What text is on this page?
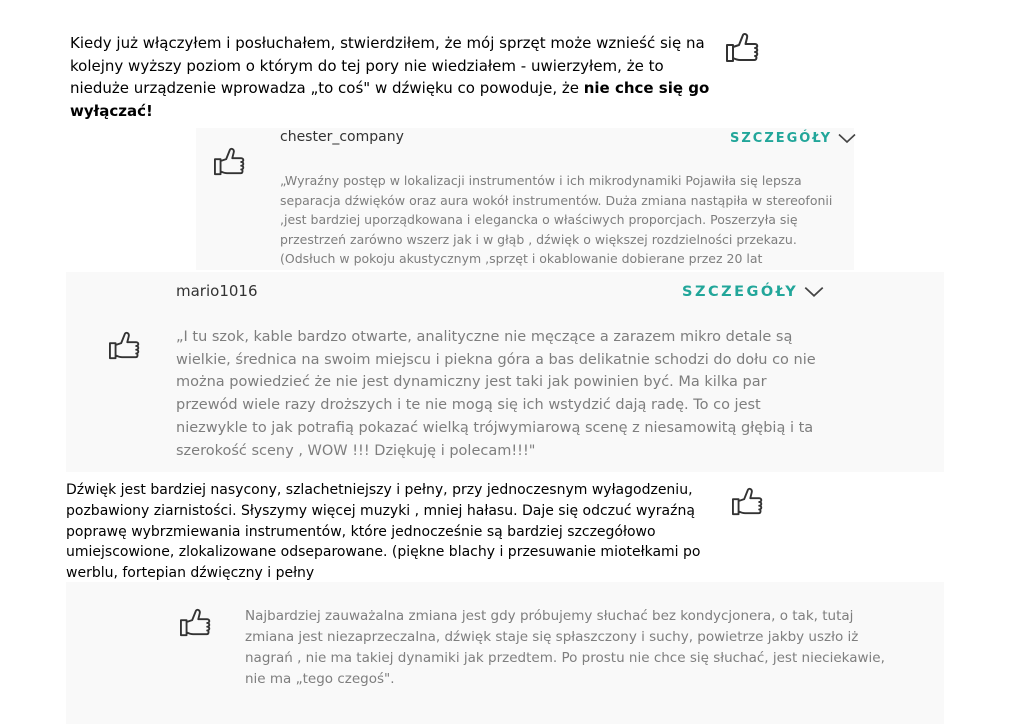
Kiedy już włączyłem i posłuchałem, stwierdziłem, że mój sprzęt może wznieść się na kolejny wyższy poziom o którym do tej pory nie wiedziałem - uwierzyłem, że to nieduże urządzenie wprowadza „to coś" w dźwięku co powoduje, że nie chce się go wyłączać!

chester_company	SZCZEGÓŁY

„Wyraźny postęp w lokalizacji instrumentów i ich mikrodynamiki Pojawiła się lepsza separacja dźwięków oraz aura wokół instrumentów. Duża zmiana nastąpiła w stereofonii ,jest bardziej uporządkowana i elegancka o właściwych proporcjach. Poszerzyła się przestrzeń zarówno wszerz jak i w głąb , dźwięk o większej rozdzielności przekazu. (Odsłuch w pokoju akustycznym ,sprzęt i okablowanie dobierane przez 20 lat

mario1016	SZCZEGÓŁY

„I tu szok, kable bardzo otwarte, analityczne nie męczące a zarazem mikro detale są wielkie, średnica na swoim miejscu i piekna góra a bas delikatnie schodzi do dołu co nie można powiedzieć że nie jest dynamiczny jest taki jak powinien być. Ma kilka par przewód wiele razy droższych i te nie mogą się ich wstydzić dają radę. To co jest niezwykle to jak potrafią pokazać wielką trójwymiarową scenę z niesamowitą głębią i ta szerokość sceny , WOW !!! Dziękuję i polecam!!!"

Dźwięk jest bardziej nasycony, szlachetniejszy i pełny, przy jednoczesnym wyłagodzeniu, pozbawiony ziarnistości. Słyszymy więcej muzyki , mniej hałasu. Daje się odczuć wyraźną poprawę wybrzmiewania instrumentów, które jednocześnie są bardziej szczegółowo umiejscowione, zlokalizowane odseparowane. (piękne blachy i przesuwanie miotełkami po werblu, fortepian dźwięczny i pełny

Najbardziej zauważalna zmiana jest gdy próbujemy słuchać bez kondycjonera, o tak, tutaj zmiana jest niezaprzeczalna, dźwięk staje się spłaszczony i suchy, powietrze jakby uszło iż nagrań , nie ma takiej dynamiki jak przedtem. Po prostu nie chce się słuchać, jest nieciekawie, nie ma „tego czegoś".
